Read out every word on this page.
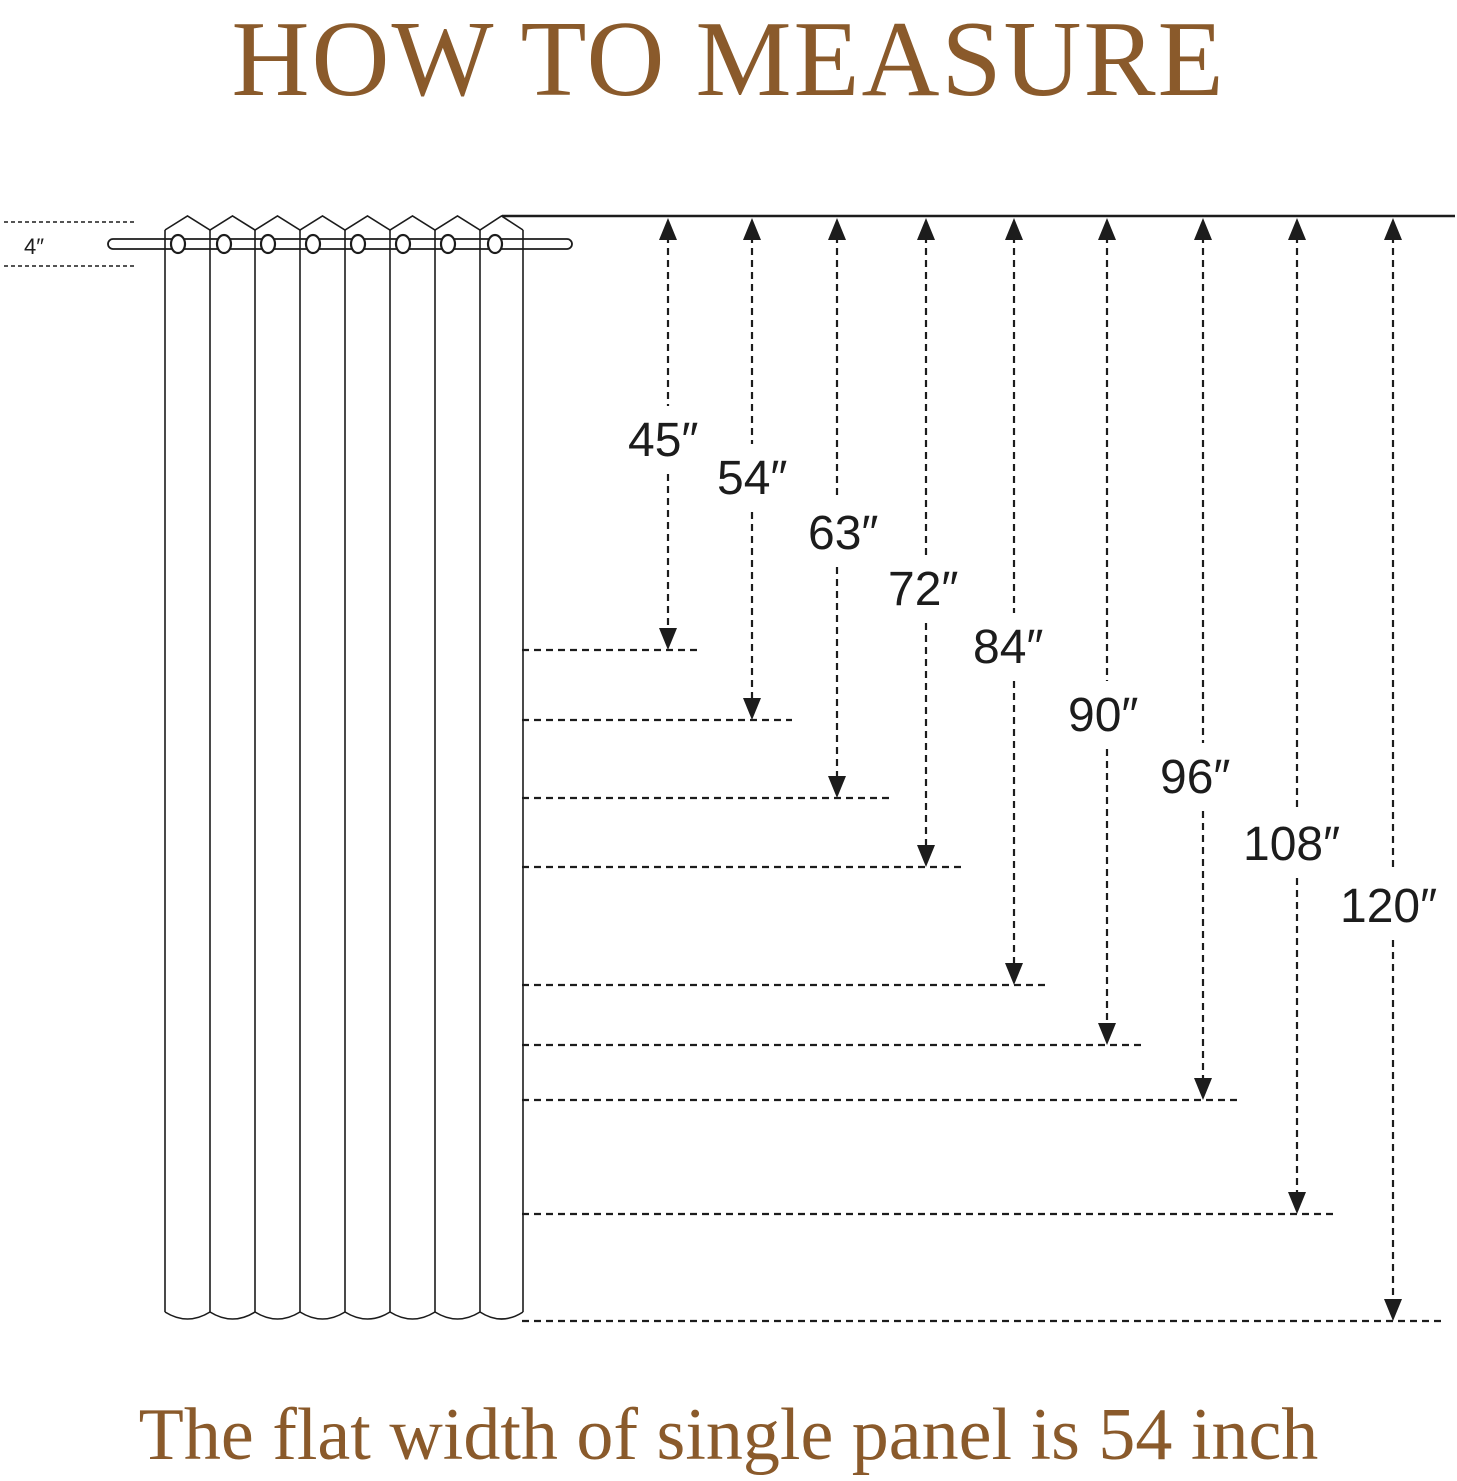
HOW TO MEASURE
4″
45″
54″
63″
72″
84″
90″
96″
108″
120″
The flat width of single panel is 54 inch
